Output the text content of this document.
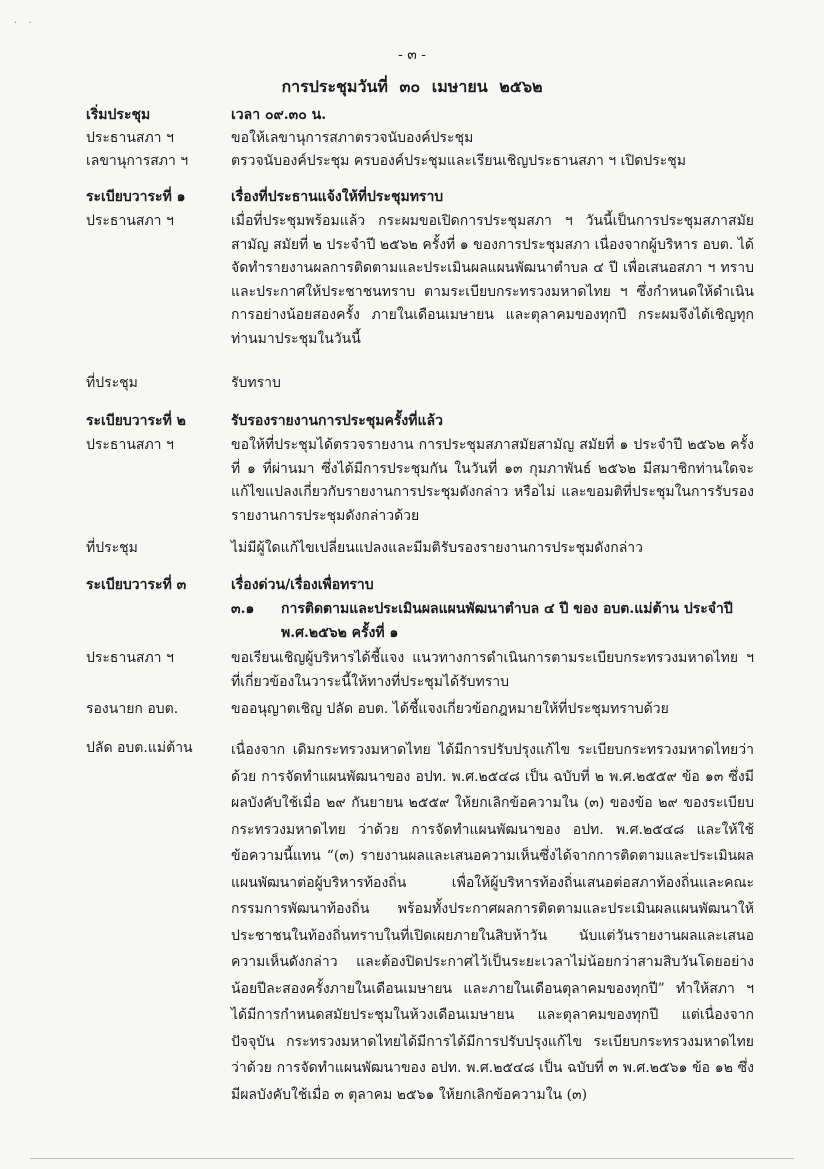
· ·
- ๓ -
การประชุมวันที่ ๓๐ เมษายน ๒๕๖๒
เริ่มประชุม	เวลา ๐๙.๓๐ น.
ประธานสภา ฯ	ขอให้เลขานุการสภาตรวจนับองค์ประชุม
เลขานุการสภา ฯ	ตรวจนับองค์ประชุม ครบองค์ประชุมและเรียนเชิญประธานสภา ฯ เปิดประชุม
ระเบียบวาระที่ ๑	เรื่องที่ประธานแจ้งให้ที่ประชุมทราบ
ประธานสภา ฯ	เมื่อที่ประชุมพร้อมแล้ว กระผมขอเปิดการประชุมสภา ฯ วันนี้เป็นการประชุมสภาสมัยสามัญ สมัยที่ ๒ ประจำปี ๒๕๖๒ ครั้งที่ ๑ ของการประชุมสภา เนื่องจากผู้บริหาร อบต. ได้จัดทำรายงานผลการติดตามและประเมินผลแผนพัฒนาตำบล ๔ ปี เพื่อเสนอสภา ฯ ทราบ และประกาศให้ประชาชนทราบ ตามระเบียบกระทรวงมหาดไทย ฯ ซึ่งกำหนดให้ดำเนินการอย่างน้อยสองครั้ง ภายในเดือนเมษายน และตุลาคมของทุกปี กระผมจึงได้เชิญทุกท่านมาประชุมในวันนี้
ที่ประชุม	รับทราบ
ระเบียบวาระที่ ๒	รับรองรายงานการประชุมครั้งที่แล้ว
ประธานสภา ฯ	ขอให้ที่ประชุมได้ตรวจรายงาน การประชุมสภาสมัยสามัญ สมัยที่ ๑ ประจำปี ๒๕๖๒ ครั้งที่ ๑ ที่ผ่านมา ซึ่งได้มีการประชุมกัน ในวันที่ ๑๓ กุมภาพันธ์ ๒๕๖๒ มีสมาชิกท่านใดจะแก้ไขแปลงเกี่ยวกับรายงานการประชุมดังกล่าว หรือไม่ และขอมติที่ประชุมในการรับรองรายงานการประชุมดังกล่าวด้วย
ที่ประชุม	ไม่มีผู้ใดแก้ไขเปลี่ยนแปลงและมีมติรับรองรายงานการประชุมดังกล่าว
ระเบียบวาระที่ ๓	เรื่องด่วน/เรื่องเพื่อทราบ
๓.๑ การติดตามและประเมินผลแผนพัฒนาตำบล ๔ ปี ของ อบต.แม่ต้าน ประจำปี
พ.ศ.๒๕๖๒ ครั้งที่ ๑
ประธานสภา ฯ	ขอเรียนเชิญผู้บริหารได้ชี้แจง แนวทางการดำเนินการตามระเบียบกระทรวงมหาดไทย ฯ ที่เกี่ยวข้องในวาระนี้ให้ทางที่ประชุมได้รับทราบ
รองนายก อบต.	ขออนุญาตเชิญ ปลัด อบต. ได้ชี้แจงเกี่ยวข้อกฎหมายให้ที่ประชุมทราบด้วย
ปลัด อบต.แม่ต้าน	เนื่องจาก เดิมกระทรวงมหาดไทย ได้มีการปรับปรุงแก้ไข ระเบียบกระทรวงมหาดไทยว่าด้วย การจัดทำแผนพัฒนาของ อปท. พ.ศ.๒๕๔๘ เป็น ฉบับที่ ๒ พ.ศ.๒๕๕๙ ข้อ ๑๓ ซึ่งมีผลบังคับใช้เมื่อ ๒๙ กันยายน ๒๕๕๙ ให้ยกเลิกข้อความใน (๓) ของข้อ ๒๙ ของระเบียบกระทรวงมหาดไทย ว่าด้วย การจัดทำแผนพัฒนาของ อปท. พ.ศ.๒๕๔๘ และให้ใช้ข้อความนี้แทน “(๓) รายงานผลและเสนอความเห็นซึ่งได้จากการติดตามและประเมินผลแผนพัฒนาต่อผู้บริหารท้องถิ่น เพื่อให้ผู้บริหารท้องถิ่นเสนอต่อสภาท้องถิ่นและคณะกรรมการพัฒนาท้องถิ่น พร้อมทั้งประกาศผลการติดตามและประเมินผลแผนพัฒนาให้ประชาชนในท้องถิ่นทราบในที่เปิดเผยภายในสิบห้าวัน นับแต่วันรายงานผลและเสนอความเห็นดังกล่าว และต้องปิดประกาศไว้เป็นระยะเวลาไม่น้อยกว่าสามสิบวันโดยอย่างน้อยปีละสองครั้งภายในเดือนเมษายน และภายในเดือนตุลาคมของทุกปี” ทำให้สภา ฯ ได้มีการกำหนดสมัยประชุมในห้วงเดือนเมษายน และตุลาคมของทุกปี แต่เนื่องจาก ปัจจุบัน กระทรวงมหาดไทยได้มีการได้มีการปรับปรุงแก้ไข ระเบียบกระทรวงมหาดไทย ว่าด้วย การจัดทำแผนพัฒนาของ อปท. พ.ศ.๒๕๔๘ เป็น ฉบับที่ ๓ พ.ศ.๒๕๖๑ ข้อ ๑๒ ซึ่งมีผลบังคับใช้เมื่อ ๓ ตุลาคม ๒๕๖๑ ให้ยกเลิกข้อความใน (๓)
